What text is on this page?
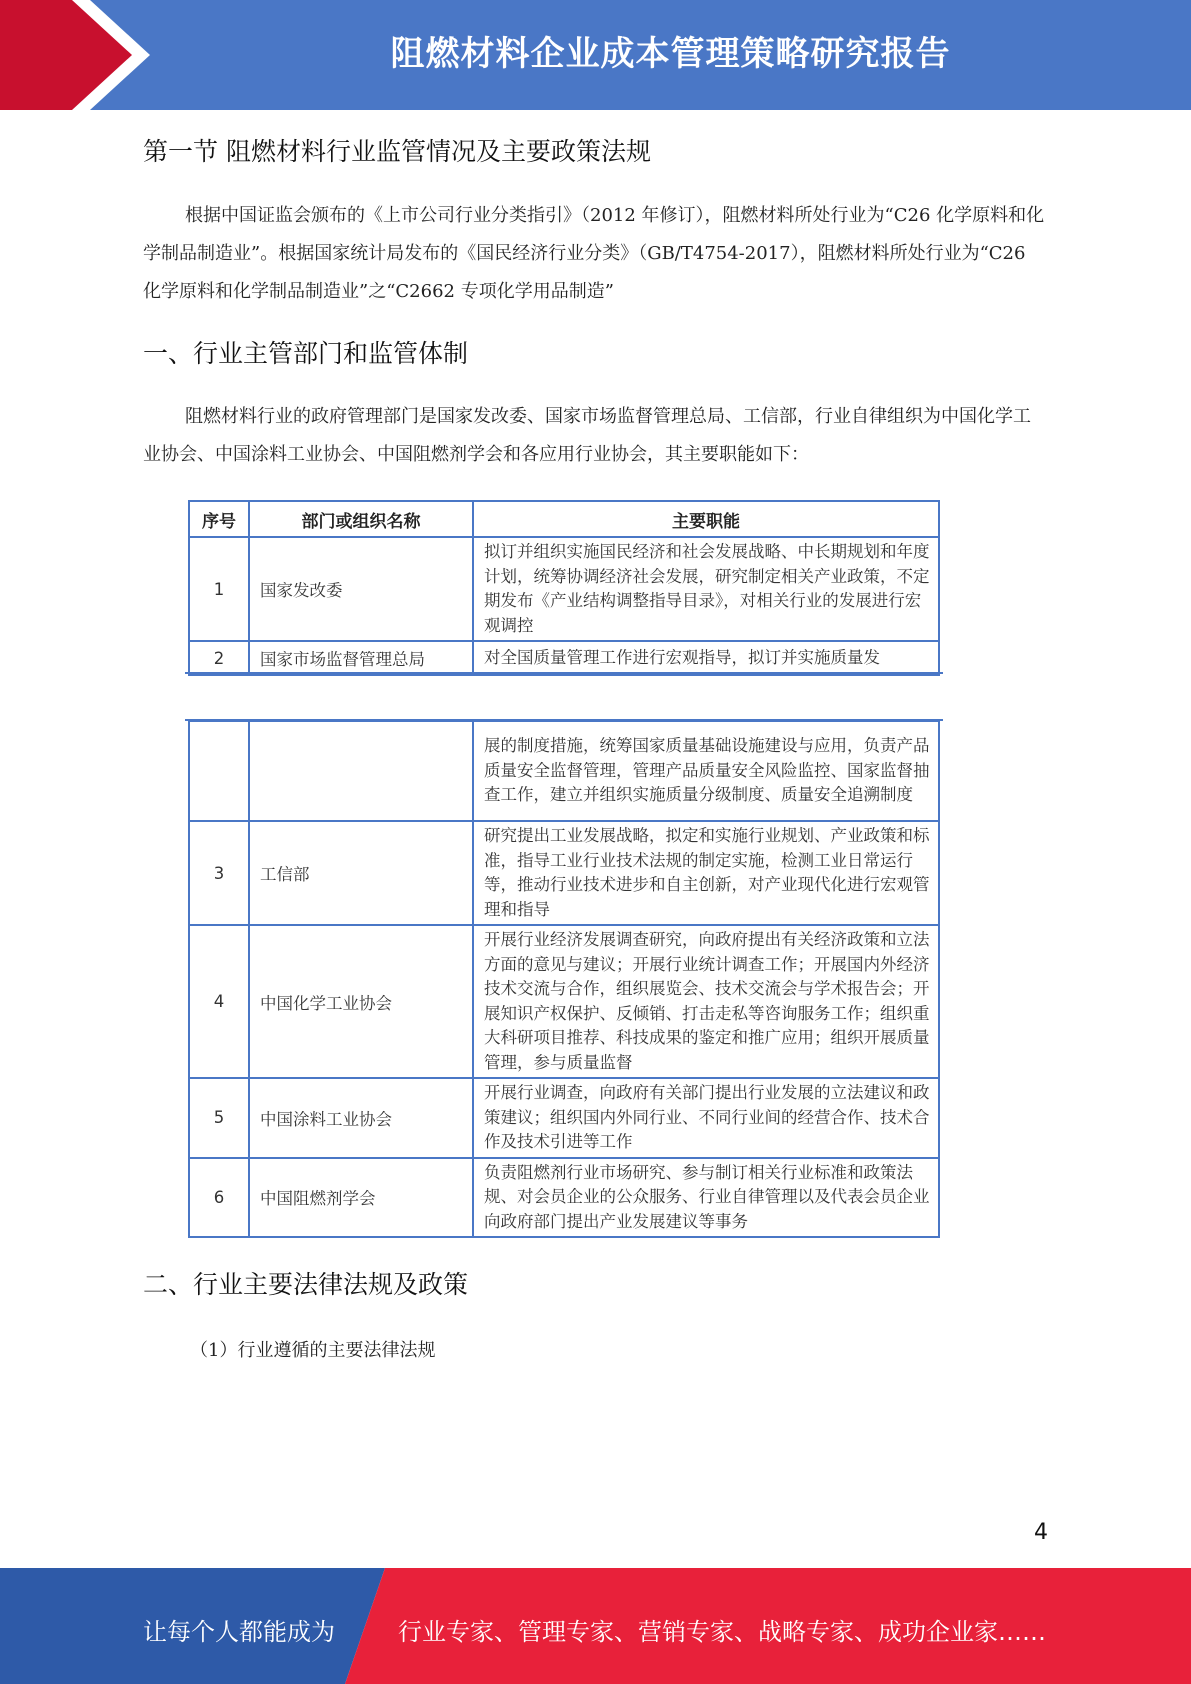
阻燃材料企业成本管理策略研究报告
第一节 阻燃材料行业监管情况及主要政策法规

根据中国证监会颁布的《上市公司行业分类指引》（2012 年修订），阻燃材料所处行业为“C26 化学原料和化学制品制造业”。根据国家统计局发布的《国民经济行业分类》（GB/T4754-2017），阻燃材料所处行业为“C26 化学原料和化学制品制造业”之“C2662 专项化学用品制造”

一、行业主管部门和监管体制

阻燃材料行业的政府管理部门是国家发改委、国家市场监督管理总局、工信部，行业自律组织为中国化学工业协会、中国涂料工业协会、中国阻燃剂学会和各应用行业协会，其主要职能如下：

序号	部门或组织名称	主要职能
1	国家发改委	拟订并组织实施国民经济和社会发展战略、中长期规划和年度计划，统筹协调经济社会发展，研究制定相关产业政策，不定期发布《产业结构调整指导目录》，对相关行业的发展进行宏观调控
2	国家市场监督管理总局	对全国质量管理工作进行宏观指导，拟订并实施质量发
		展的制度措施，统筹国家质量基础设施建设与应用，负责产品质量安全监督管理，管理产品质量安全风险监控、国家监督抽查工作，建立并组织实施质量分级制度、质量安全追溯制度
3	工信部	研究提出工业发展战略，拟定和实施行业规划、产业政策和标准，指导工业行业技术法规的制定实施，检测工业日常运行等，推动行业技术进步和自主创新，对产业现代化进行宏观管理和指导
4	中国化学工业协会	开展行业经济发展调查研究，向政府提出有关经济政策和立法方面的意见与建议；开展行业统计调查工作；开展国内外经济技术交流与合作，组织展览会、技术交流会与学术报告会；开展知识产权保护、反倾销、打击走私等咨询服务工作；组织重大科研项目推荐、科技成果的鉴定和推广应用；组织开展质量管理，参与质量监督
5	中国涂料工业协会	开展行业调查，向政府有关部门提出行业发展的立法建议和政策建议；组织国内外同行业、不同行业间的经营合作、技术合作及技术引进等工作
6	中国阻燃剂学会	负责阻燃剂行业市场研究、参与制订相关行业标准和政策法规、对会员企业的公众服务、行业自律管理以及代表会员企业向政府部门提出产业发展建议等事务
二、行业主要法律法规及政策
（1）行业遵循的主要法律法规
4
让每个人都能成为	行业专家、管理专家、营销专家、战略专家、成功企业家……
